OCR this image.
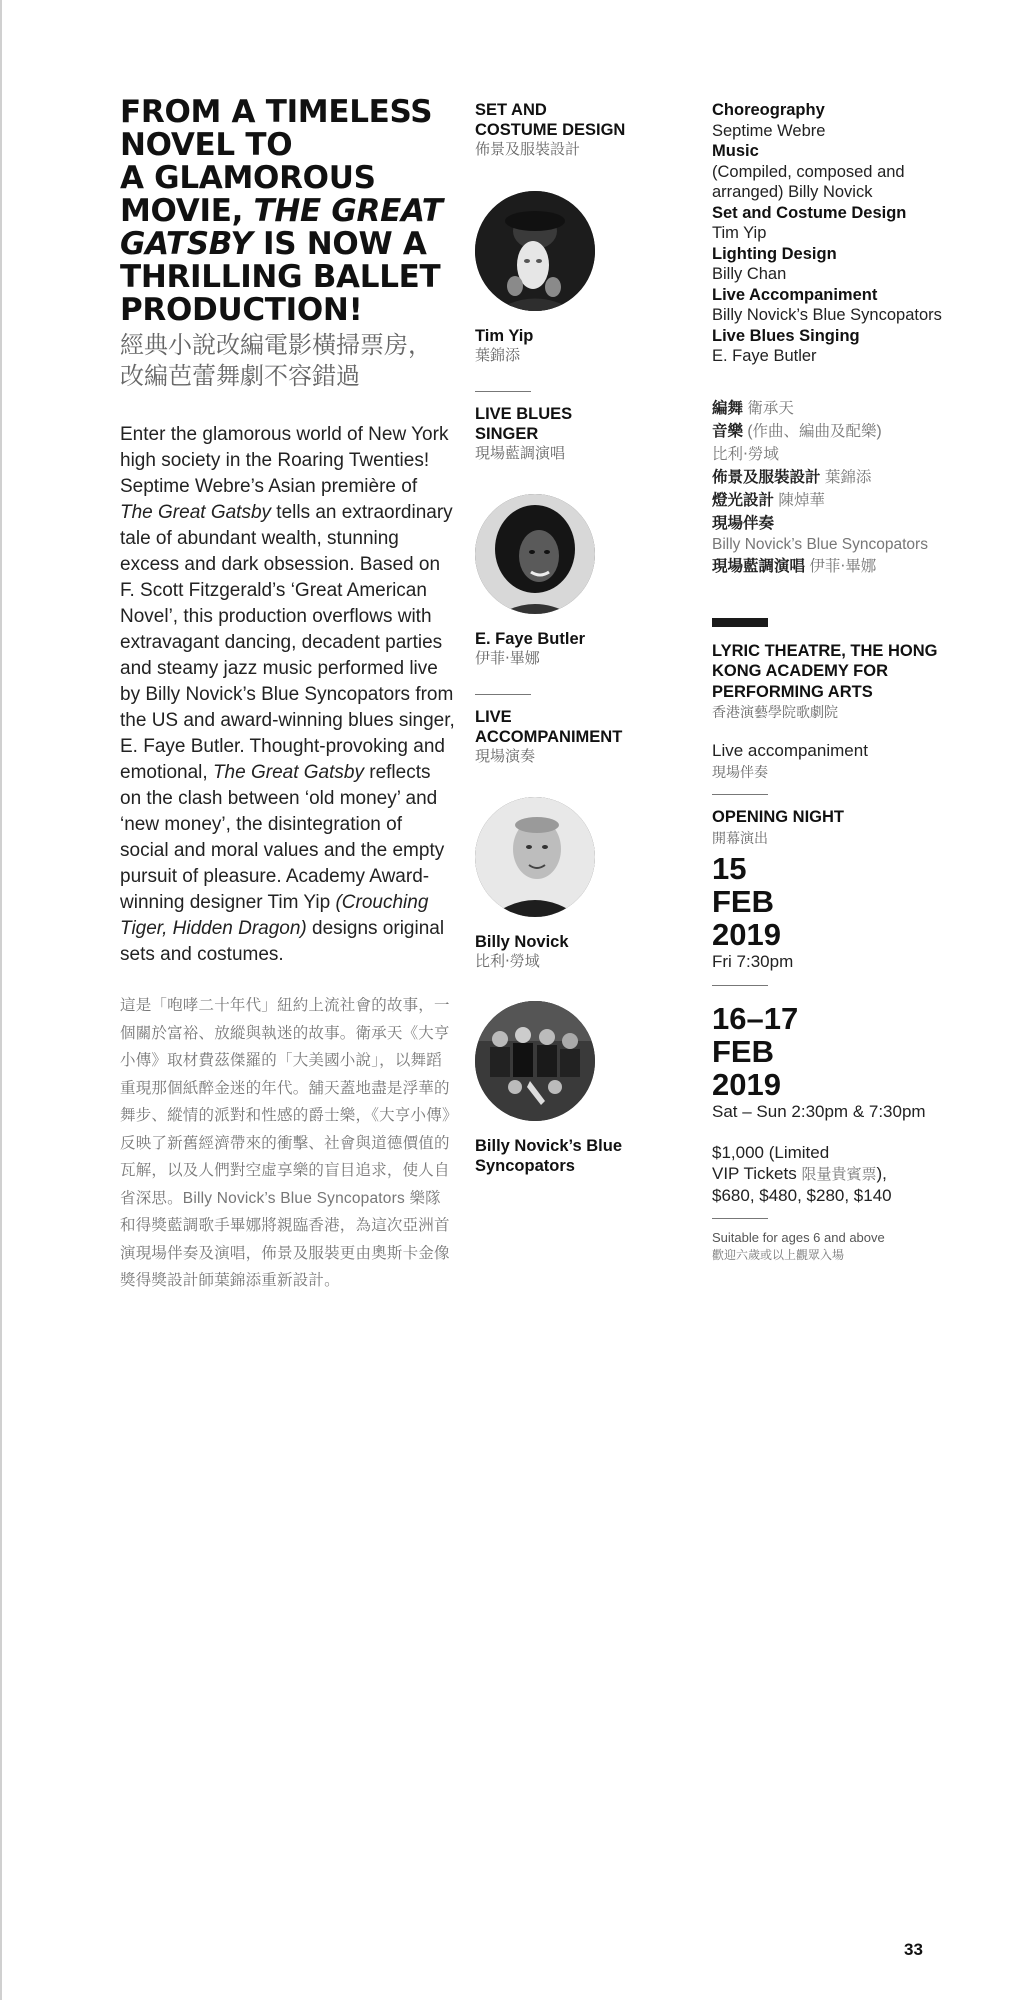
FROM A TIMELESS
NOVEL TO
A GLAMOROUS
MOVIE, THE GREAT
GATSBY IS NOW A
THRILLING BALLET
PRODUCTION!

經典小說改編電影橫掃票房，
改編芭蕾舞劇不容錯過

Enter the glamorous world of New York high society in the Roaring Twenties! Septime Webre’s Asian première of The Great Gatsby tells an extraordinary tale of abundant wealth, stunning excess and dark obsession. Based on F. Scott Fitzgerald’s ‘Great American Novel’, this production overflows with extravagant dancing, decadent parties and steamy jazz music performed live by Billy Novick’s Blue Syncopators from the US and award-winning blues singer, E. Faye Butler. Thought-provoking and emotional, The Great Gatsby reflects on the clash between ‘old money’ and ‘new money’, the disintegration of social and moral values and the empty pursuit of pleasure. Academy Award-winning designer Tim Yip (Crouching Tiger, Hidden Dragon) designs original sets and costumes.

這是「咆哮二十年代」紐約上流社會的故事，一個關於富裕、放縱與執迷的故事。衛承天《大亨小傳》取材費茲傑羅的「大美國小說」，以舞蹈重現那個紙醉金迷的年代。舖天蓋地盡是浮華的舞步、縱情的派對和性感的爵士樂，《大亨小傳》反映了新舊經濟帶來的衝擊、社會與道德價值的瓦解，以及人們對空虛享樂的盲目追求，使人自省深思。Billy Novick’s Blue Syncopators 樂隊和得獎藍調歌手畢娜將親臨香港，為這次亞洲首演現場伴奏及演唱，佈景及服裝更由奧斯卡金像獎得獎設計師葉錦添重新設計。

SET AND
COSTUME DESIGN

佈景及服裝設計

Tim Yip

葉錦添

LIVE BLUES
SINGER

現場藍調演唱

E. Faye Butler

伊菲‧畢娜

LIVE
ACCOMPANIMENT

現場演奏

Billy Novick

比利‧勞域

Billy Novick’s Blue
Syncopators

Choreography

Septime Webre

Music

(Compiled, composed and arranged) Billy Novick

Set and Costume Design

Tim Yip

Lighting Design

Billy Chan

Live Accompaniment

Billy Novick’s Blue Syncopators

Live Blues Singing

E. Faye Butler

編舞 衛承天

音樂 (作曲、編曲及配樂)

比利‧勞域

佈景及服裝設計 葉錦添

燈光設計 陳焯華

現場伴奏

Billy Novick’s Blue Syncopators

現場藍調演唱 伊菲‧畢娜

LYRIC THEATRE, THE HONG KONG ACADEMY FOR PERFORMING ARTS

香港演藝學院歌劇院

Live accompaniment

現場伴奏

OPENING NIGHT

開幕演出

15

FEB

2019

Fri 7:30pm

16–17

FEB

2019

Sat – Sun 2:30pm & 7:30pm

$1,000 (Limited

VIP Tickets 限量貴賓票),

$680, $480, $280, $140

Suitable for ages 6 and above

歡迎六歲或以上觀眾入場

33
